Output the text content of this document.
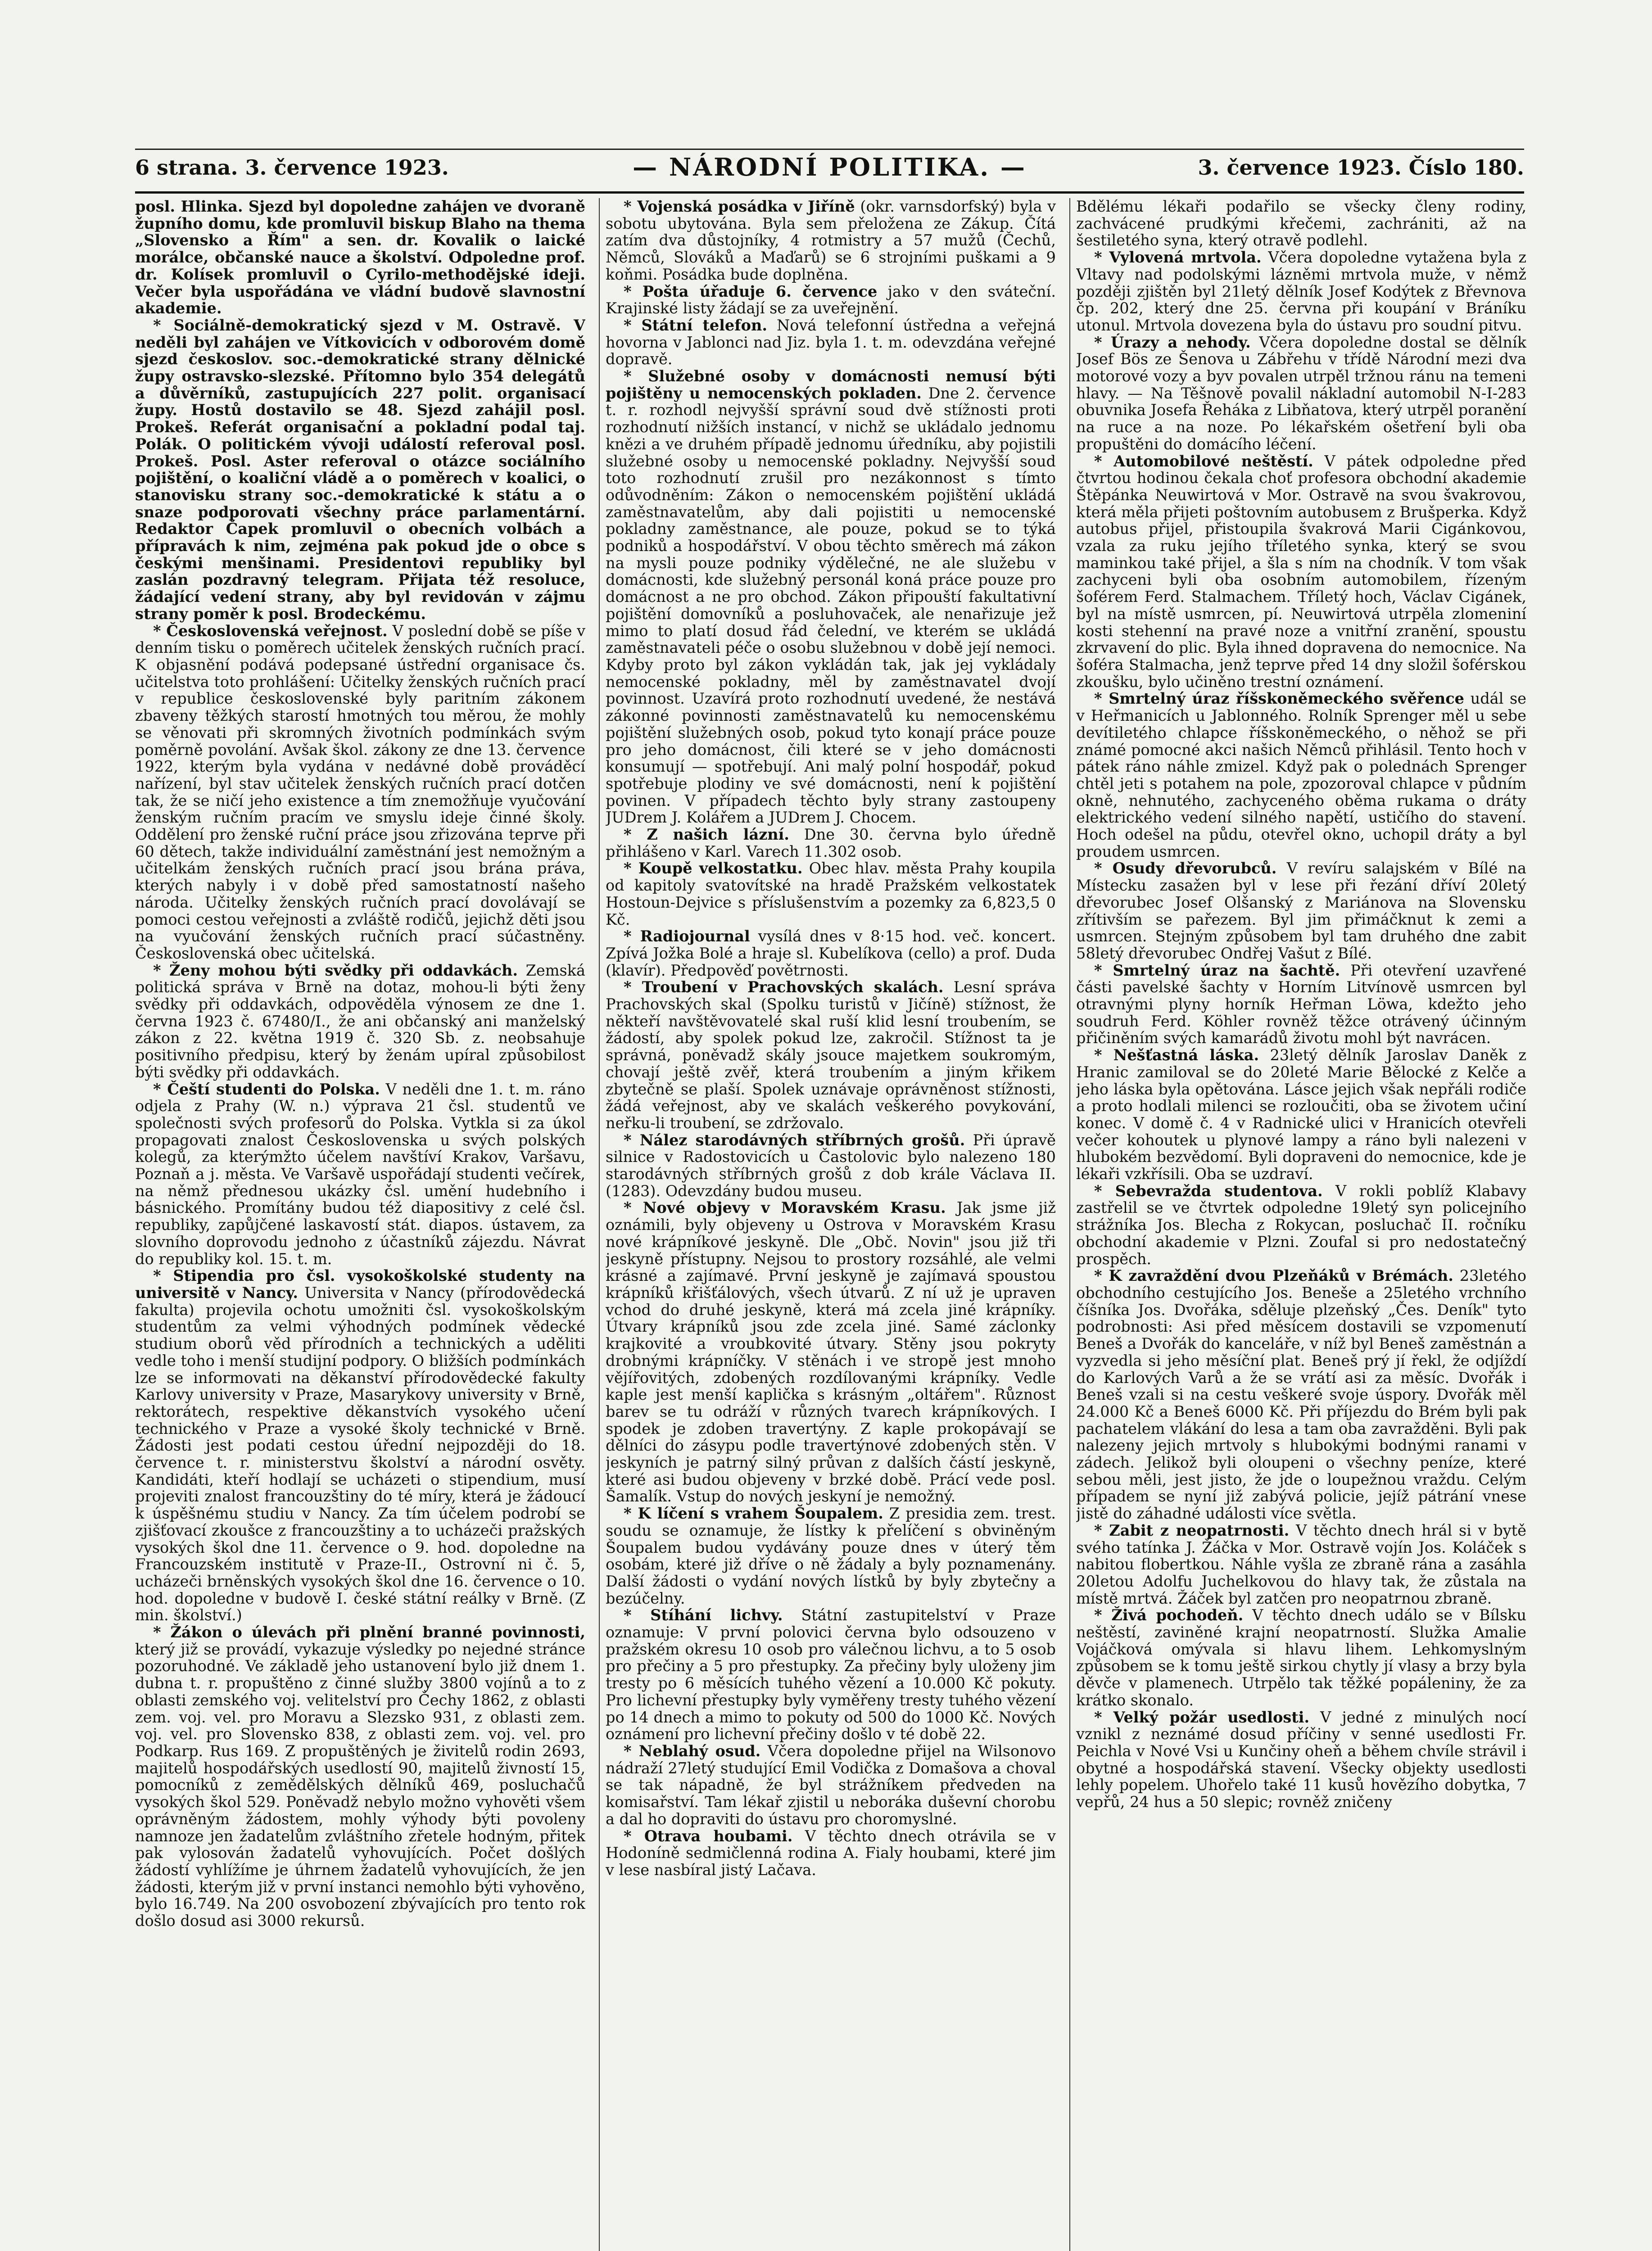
6 strana. 3. července 1923.	— NÁRODNÍ POLITIKA. —	3. července 1923. Číslo 180.

posl. Hlinka. Sjezd byl dopoledne zahájen ve dvoraně župního domu, kde promluvil biskup Blaho na thema „Slovensko a Řím" a sen. dr. Kovalik o laické morálce, občanské nauce a školství. Odpoledne prof. dr. Kolísek promluvil o Cyrilo-methodějské ideji. Večer byla uspořádána ve vládní budově slavnostní akademie.

* Sociálně-demokratický sjezd v M. Ostravě. V neděli byl zahájen ve Vítkovicích v odborovém domě sjezd českoslov. soc.-demokratické strany dělnické župy ostravsko-slezské. Přítomno bylo 354 delegátů a důvěrníků, zastupujících 227 polit. organisací župy. Hostů dostavilo se 48. Sjezd zahájil posl. Prokeš. Referát organisační a pokladní podal taj. Polák. O politickém vývoji událostí referoval posl. Prokeš. Posl. Aster referoval o otázce sociálního pojištění, o koaliční vládě a o poměrech v koalici, o stanovisku strany soc.-demokratické k státu a o snaze podporovati všechny práce parlamentární. Redaktor Čapek promluvil o obecních volbách a přípravách k nim, zejména pak pokud jde o obce s českými menšinami. Presidentovi republiky byl zaslán pozdravný telegram. Přijata též resoluce, žádající vedení strany, aby byl revidován v zájmu strany poměr k posl. Brodeckému.

* Československá veřejnost. V poslední době se píše v denním tisku o poměrech učitelek ženských ručních prací. K objasnění podává podepsané ústřední organisace čs. učitelstva toto prohlášení: Učitelky ženských ručních prací v republice československé byly paritním zákonem zbaveny těžkých starostí hmotných tou měrou, že mohly se věnovati při skromných životních podmínkách svým poměrně povolání. Avšak škol. zákony ze dne 13. července 1922, kterým byla vydána v nedávné době prováděcí nařízení, byl stav učitelek ženských ručních prací dotčen tak, že se ničí jeho existence a tím znemožňuje vyučování ženským ručním pracím ve smyslu ideje činné školy. Oddělení pro ženské ruční práce jsou zřizována teprve při 60 dětech, takže individuální zaměstnání jest nemožným a učitelkám ženských ručních prací jsou brána práva, kterých nabyly i v době před samostatností našeho národa. Učitelky ženských ručních prací dovolávají se pomoci cestou veřejnosti a zvláště rodičů, jejichž děti jsou na vyučování ženských ručních prací súčastněny. Československá obec učitelská.

* Ženy mohou býti svědky při oddavkách. Zemská politická správa v Brně na dotaz, mohou-li býti ženy svědky při oddavkách, odpověděla výnosem ze dne 1. června 1923 č. 67480/I., že ani občanský ani manželský zákon z 22. května 1919 č. 320 Sb. z. neobsahuje positivního předpisu, který by ženám upíral způsobilost býti svědky při oddavkách.

* Čeští studenti do Polska. V neděli dne 1. t. m. ráno odjela z Prahy (W. n.) výprava 21 čsl. studentů ve společnosti svých profesorů do Polska. Vytkla si za úkol propagovati znalost Československa u svých polských kolegů, za kterýmžto účelem navštíví Krakov, Varšavu, Poznaň a j. města. Ve Varšavě uspořádají studenti večírek, na němž přednesou ukázky čsl. umění hudebního i básnického. Promítány budou též diapositivy z celé čsl. republiky, zapůjčené laskavostí stát. diapos. ústavem, za slovního doprovodu jednoho z účastníků zájezdu. Návrat do republiky kol. 15. t. m.

* Stipendia pro čsl. vysokoškolské studenty na universitě v Nancy. Universita v Nancy (přírodovědecká fakulta) projevila ochotu umožniti čsl. vysokoškolským studentům za velmi výhodných podmínek vědecké studium oborů věd přírodních a technických a uděliti vedle toho i menší studijní podpory. O bližších podmínkách lze se informovati na děkanství přírodovědecké fakulty Karlovy university v Praze, Masarykovy university v Brně, rektorátech, respektive děkanstvích vysokého učení technického v Praze a vysoké školy technické v Brně. Žádosti jest podati cestou úřední nejpozději do 18. července t. r. ministerstvu školství a národní osvěty. Kandidáti, kteří hodlají se ucházeti o stipendium, musí projeviti znalost francouzštiny do té míry, která je žádoucí k úspěšnému studiu v Nancy. Za tím účelem podrobí se zjišťovací zkoušce z francouzštiny a to ucházeči pražských vysokých škol dne 11. července o 9. hod. dopoledne na Francouzském institutě v Praze-II., Ostrovní ni č. 5, ucházeči brněnských vysokých škol dne 16. července o 10. hod. dopoledne v budově I. české státní reálky v Brně. (Z min. školství.)

* Žákon o úlevách při plnění branné povinnosti, který již se provádí, vykazuje výsledky po nejedné stránce pozoruhodné. Ve základě jeho ustanovení bylo již dnem 1. dubna t. r. propuštěno z činné služby 3800 vojínů a to z oblasti zemského voj. velitelství pro Čechy 1862, z oblasti zem. voj. vel. pro Moravu a Slezsko 931, z oblasti zem. voj. vel. pro Slovensko 838, z oblasti zem. voj. vel. pro Podkarp. Rus 169. Z propuštěných je živitelů rodin 2693, majitelů hospodářských usedlostí 90, majitelů živností 15, pomocníků z zemědělských dělníků 469, posluchačů vysokých škol 529. Poněvadž nebylo možno vyhověti všem oprávněným žádostem, mohly výhody býti povoleny namnoze jen žadatelům zvláštního zřetele hodným, přitek pak vylosován žadatelů vyhovujících. Počet došlých žádostí vyhlížíme je úhrnem žadatelů vyhovujících, že jen žádosti, kterým již v první instanci nemohlo býti vyhověno, bylo 16.749. Na 200 osvobození zbývajících pro tento rok došlo dosud asi 3000 rekursů.

* Vojenská posádka v Jiříně (okr. varnsdorfský) byla v sobotu ubytována. Byla sem přeložena ze Zákup. Čítá zatím dva důstojníky, 4 rotmistry a 57 mužů (Čechů, Němců, Slováků a Maďarů) se 6 strojními puškami a 9 koňmi. Posádka bude doplněna.

* Pošta úřaduje 6. července jako v den sváteční. Krajinské listy žádají se za uveřejnění.

* Státní telefon. Nová telefonní ústředna a veřejná hovorna v Jablonci nad Jiz. byla 1. t. m. odevzdána veřejné dopravě.

* Služebné osoby v domácnosti nemusí býti pojištěny u nemocenských pokladen. Dne 2. července t. r. rozhodl nejvyšší správní soud dvě stížnosti proti rozhodnutí nižších instancí, v nichž se ukládalo jednomu knězi a ve druhém případě jednomu úředníku, aby pojistili služebné osoby u nemocenské pokladny. Nejvyšší soud toto rozhodnutí zrušil pro nezákonnost s tímto odůvodněním: Zákon o nemocenském pojištění ukládá zaměstnavatelům, aby dali pojistiti u nemocenské pokladny zaměstnance, ale pouze, pokud se to týká podniků a hospodářství. V obou těchto směrech má zákon na mysli pouze podniky výdělečné, ne ale služebu v domácnosti, kde služebný personál koná práce pouze pro domácnost a ne pro obchod. Zákon připouští fakultativní pojištění domovníků a posluhovaček, ale nenařizuje jež mimo to platí dosud řád čelední, ve kterém se ukládá zaměstnavateli péče o osobu služebnou v době její nemoci. Kdyby proto byl zákon vykládán tak, jak jej vykládaly nemocenské pokladny, měl by zaměstnavatel dvojí povinnost. Uzavírá proto rozhodnutí uvedené, že nestává zákonné povinnosti zaměstnavatelů ku nemocenskému pojištění služebných osob, pokud tyto konají práce pouze pro jeho domácnost, čili které se v jeho domácnosti konsumují — spotřebují. Ani malý polní hospodář, pokud spotřebuje plodiny ve své domácnosti, není k pojištění povinen. V případech těchto byly strany zastoupeny JUDrem J. Kolářem a JUDrem J. Chocem.

* Z našich lázní. Dne 30. června bylo úředně přihlášeno v Karl. Varech 11.302 osob.

* Koupě velkostatku. Obec hlav. města Prahy koupila od kapitoly svatovítské na hradě Pražském velkostatek Hostoun-Dejvice s příslušenstvím a pozemky za 6,823,5 0 Kč.

* Radiojournal vysílá dnes v 8·15 hod. več. koncert. Zpívá Jožka Bolé a hraje sl. Kubelíkova (cello) a prof. Duda (klavír). Předpověď povětrnosti.

* Troubení v Prachovských skalách. Lesní správa Prachovských skal (Spolku turistů v Jičíně) stížnost, že někteří navštěvovatelé skal ruší klid lesní troubením, se žádostí, aby spolek pokud lze, zakročil. Stížnost ta je správná, poněvadž skály jsouce majetkem soukromým, chovají ještě zvěř, která troubením a jiným křikem zbytečně se plaší. Spolek uznávaje oprávněnost stížnosti, žádá veřejnost, aby ve skalách veškerého povykování, neřku-li troubení, se zdržovalo.

* Nález starodávných stříbrných grošů. Při úpravě silnice v Radostovicích u Častolovic bylo nalezeno 180 starodávných stříbrných grošů z dob krále Václava II. (1283). Odevzdány budou museu.

* Nové objevy v Moravském Krasu. Jak jsme již oznámili, byly objeveny u Ostrova v Moravském Krasu nové krápníkové jeskyně. Dle „Obč. Novin" jsou již tři jeskyně přístupny. Nejsou to prostory rozsáhlé, ale velmi krásné a zajímavé. První jeskyně je zajímavá spoustou krápníků křišťálových, všech útvarů. Z ní už je upraven vchod do druhé jeskyně, která má zcela jiné krápníky. Útvary krápníků jsou zde zcela jiné. Samé záclonky krajkovité a vroubkovité útvary. Stěny jsou pokryty drobnými krápníčky. V stěnách i ve stropě jest mnoho vějířovitých, zdobených rozdílovanými krápníky. Vedle kaple jest menší kaplička s krásným „oltářem". Různost barev se tu odráží v různých tvarech krápníkových. I spodek je zdoben travertýny. Z kaple prokopávají se dělníci do zásypu podle travertýnové zdobených stěn. V jeskyních je patrný silný průvan z dalších částí jeskyně, které asi budou objeveny v brzké době. Prácí vede posl. Šamalík. Vstup do nových jeskyní je nemožný.

* K líčení s vrahem Šoupalem. Z presidia zem. trest. soudu se oznamuje, že lístky k přelíčení s obviněným Šoupalem budou vydávány pouze dnes v úterý těm osobám, které již dříve o ně žádaly a byly poznamenány. Další žádosti o vydání nových lístků by byly zbytečny a bezúčelny.

* Stíhání lichvy. Státní zastupitelství v Praze oznamuje: V první polovici června bylo odsouzeno v pražském okresu 10 osob pro válečnou lichvu, a to 5 osob pro přečiny a 5 pro přestupky. Za přečiny byly uloženy jim tresty po 6 měsících tuhého vězení a 10.000 Kč pokuty. Pro lichevní přestupky byly vyměřeny tresty tuhého vězení po 14 dnech a mimo to pokuty od 500 do 1000 Kč. Nových oznámení pro lichevní přečiny došlo v té době 22.

* Neblahý osud. Včera dopoledne přijel na Wilsonovo nádraží 27letý studující Emil Vodička z Domašova a choval se tak nápadně, že byl strážníkem předveden na komisařství. Tam lékař zjistil u neboráka duševní chorobu a dal ho dopraviti do ústavu pro choromyslné.

* Otrava houbami. V těchto dnech otrávila se v Hodoníně sedmičlenná rodina A. Fialy houbami, které jim v lese nasbíral jistý Lačava.

Bdělému lékaři podařilo se všecky členy rodiny, zachvácené prudkými křečemi, zachrániti, až na šestiletého syna, který otravě podlehl.

* Vylovená mrtvola. Včera dopoledne vytažena byla z Vltavy nad podolskými lázněmi mrtvola muže, v němž později zjištěn byl 21letý dělník Josef Kodýtek z Břevnova čp. 202, který dne 25. června při koupání v Bráníku utonul. Mrtvola dovezena byla do ústavu pro soudní pitvu.

* Úrazy a nehody. Včera dopoledne dostal se dělník Josef Bös ze Šenova u Zábřehu v třídě Národní mezi dva motorové vozy a byv povalen utrpěl tržnou ránu na temeni hlavy. — Na Těšnově povalil nákladní automobil N-I-283 obuvnika Josefa Řeháka z Libňatova, který utrpěl poranění na ruce a na noze. Po lékařském ošetření byli oba propuštěni do domácího léčení.

* Automobilové neštěstí. V pátek odpoledne před čtvrtou hodinou čekala choť profesora obchodní akademie Štěpánka Neuwirtová v Mor. Ostravě na svou švakrovou, která měla přijeti poštovním autobusem z Brušperka. Když autobus přijel, přistoupila švakrová Marii Cigánkovou, vzala za ruku jejího tříletého synka, který se svou maminkou také přijel, a šla s ním na chodník. V tom však zachyceni byli oba osobním automobilem, řízeným šoférem Ferd. Stalmachem. Tříletý hoch, Václav Cigánek, byl na místě usmrcen, pí. Neuwirtová utrpěla zlomeniní kosti stehenní na pravé noze a vnitřní zranění, spoustu zkrvavení do plic. Byla ihned dopravena do nemocnice. Na šoféra Stalmacha, jenž teprve před 14 dny složil šoférskou zkoušku, bylo učiněno trestní oznámení.

* Smrtelný úraz říšskoněmeckého svěřence udál se v Heřmanicích u Jablonného. Rolník Sprenger měl u sebe devítiletého chlapce říšskoněmeckého, o něhož se při známé pomocné akci našich Němců přihlásil. Tento hoch v pátek ráno náhle zmizel. Když pak o polednách Sprenger chtěl jeti s potahem na pole, zpozoroval chlapce v půdním okně, nehnutého, zachyceného oběma rukama o dráty elektrického vedení silného napětí, ustičího do stavení. Hoch odešel na půdu, otevřel okno, uchopil dráty a byl proudem usmrcen.

* Osudy dřevorubců. V revíru salajském v Bílé na Místecku zasažen byl v lese při řezání dříví 20letý dřevorubec Josef Olšanský z Mariánova na Slovensku zřítivším se pařezem. Byl jim přimáčknut k zemi a usmrcen. Stejným způsobem byl tam druhého dne zabit 58letý dřevorubec Ondřej Vašut z Bílé.

* Smrtelný úraz na šachtě. Při otevření uzavřené části pavelské šachty v Horním Litvínově usmrcen byl otravnými plyny horník Heřman Löwa, kdežto jeho soudruh Ferd. Köhler rovněž těžce otrávený účinným přičiněním svých kamarádů životu mohl být navrácen.

* Nešťastná láska. 23letý dělník Jaroslav Daněk z Hranic zamiloval se do 20leté Marie Bělocké z Kelče a jeho láska byla opětována. Lásce jejich však nepřáli rodiče a proto hodlali milenci se rozloučiti, oba se životem učiní konec. V domě č. 4 v Radnické ulici v Hranicích otevřeli večer kohoutek u plynové lampy a ráno byli nalezeni v hlubokém bezvědomí. Byli dopraveni do nemocnice, kde je lékaři vzkřísili. Oba se uzdraví.

* Sebevražda studentova. V rokli poblíž Klabavy zastřelil se ve čtvrtek odpoledne 19letý syn policejního strážníka Jos. Blecha z Rokycan, posluchač II. ročníku obchodní akademie v Plzni. Zoufal si pro nedostatečný prospěch.

* K zavraždění dvou Plzeňáků v Brémách. 23letého obchodního cestujícího Jos. Beneše a 25letého vrchního číšníka Jos. Dvořáka, sděluje plzeňský „Čes. Deník" tyto podrobnosti: Asi před měsícem dostavili se vzpomenutí Beneš a Dvořák do kanceláře, v níž byl Beneš zaměstnán a vyzvedla si jeho měsíční plat. Beneš prý jí řekl, že odjíždí do Karlových Varů a že se vrátí asi za měsíc. Dvořák i Beneš vzali si na cestu veškeré svoje úspory. Dvořák měl 24.000 Kč a Beneš 6000 Kč. Při příjezdu do Brém byli pak pachatelem vlákání do lesa a tam oba zavražděni. Byli pak nalezeny jejich mrtvoly s hlubokými bodnými ranami v zádech. Jelikož byli oloupeni o všechny peníze, které sebou měli, jest jisto, že jde o loupežnou vraždu. Celým případem se nyní již zabývá policie, jejíž pátrání vnese jistě do záhadné události více světla.

* Zabit z neopatrnosti. V těchto dnech hrál si v bytě svého tatínka J. Žáčka v Mor. Ostravě vojín Jos. Koláček s nabitou flobertkou. Náhle vyšla ze zbraně rána a zasáhla 20letou Adolfu Juchelkovou do hlavy tak, že zůstala na místě mrtvá. Žáček byl zatčen pro neopatrnou zbraně.

* Živá pochodeň. V těchto dnech událo se v Bílsku neštěstí, zaviněné krajní neopatrností. Služka Amalie Vojáčková omývala si hlavu lihem. Lehkomyslným způsobem se k tomu ještě sirkou chytly jí vlasy a brzy byla děvče v plamenech. Utrpělo tak těžké popáleniny, že za krátko skonalo.

* Velký požár usedlosti. V jedné z minulých nocí vznikl z neznámé dosud příčiny v senné usedlosti Fr. Peichla v Nové Vsi u Kunčiny oheň a během chvíle strávil i obytné a hospodářská stavení. Všecky objekty usedlosti lehly popelem. Uhořelo také 11 kusů hovězího dobytka, 7 vepřů, 24 hus a 50 slepic; rovněž zničeny
